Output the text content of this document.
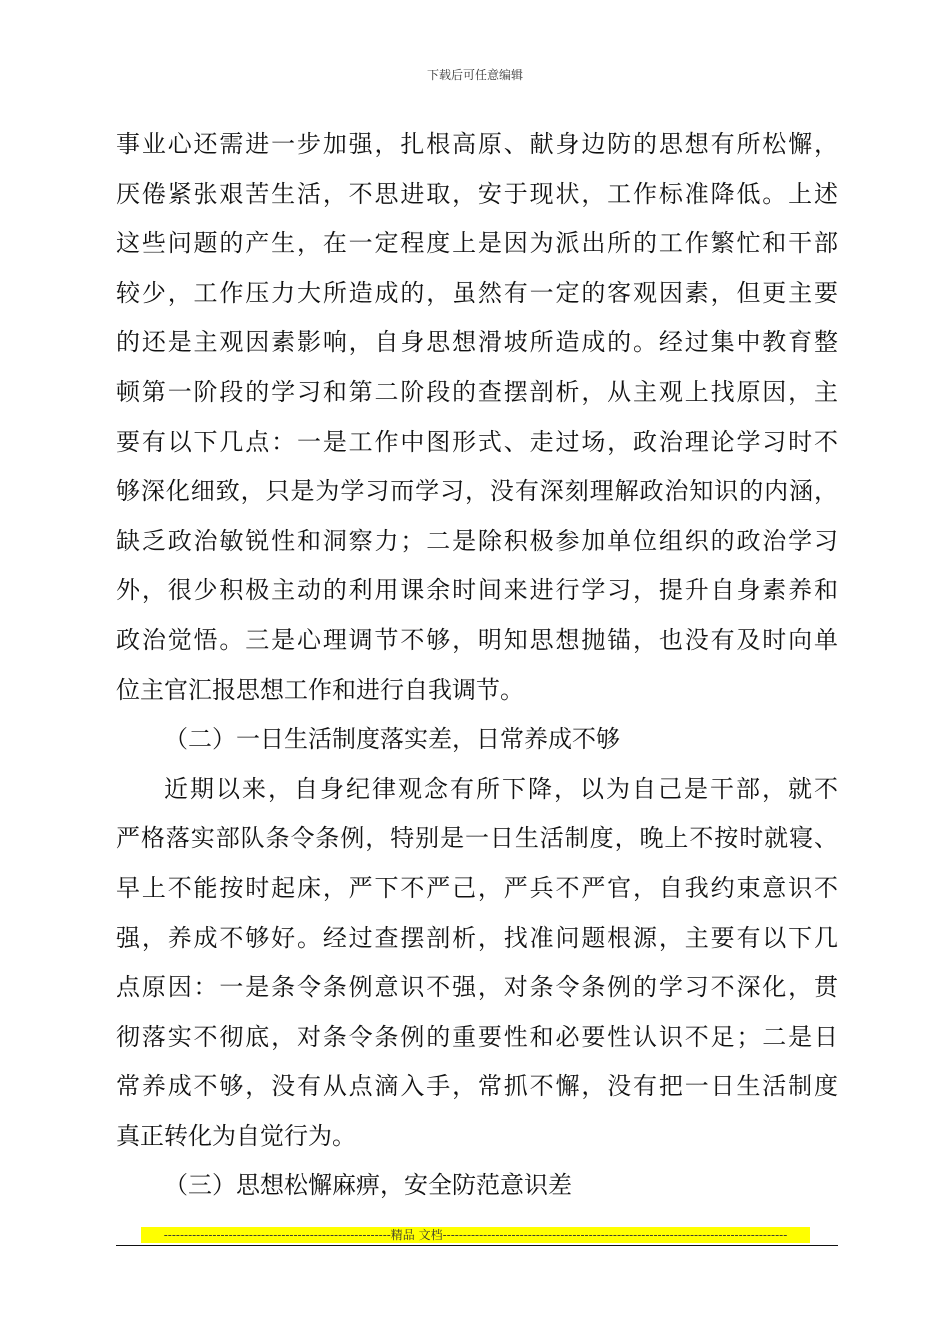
下载后可任意编辑
事业心还需进一步加强，扎根高原、献身边防的思想有所松懈，
厌倦紧张艰苦生活，不思进取，安于现状，工作标准降低。上述
这些问题的产生，在一定程度上是因为派出所的工作繁忙和干部
较少，工作压力大所造成的，虽然有一定的客观因素，但更主要
的还是主观因素影响，自身思想滑坡所造成的。经过集中教育整
顿第一阶段的学习和第二阶段的查摆剖析，从主观上找原因，主
要有以下几点：一是工作中图形式、走过场，政治理论学习时不
够深化细致，只是为学习而学习，没有深刻理解政治知识的内涵，
缺乏政治敏锐性和洞察力；二是除积极参加单位组织的政治学习
外，很少积极主动的利用课余时间来进行学习，提升自身素养和
政治觉悟。三是心理调节不够，明知思想抛锚，也没有及时向单
位主官汇报思想工作和进行自我调节。
（二）一日生活制度落实差，日常养成不够
近期以来，自身纪律观念有所下降，以为自己是干部，就不
严格落实部队条令条例，特别是一日生活制度，晚上不按时就寝、
早上不能按时起床，严下不严己，严兵不严官，自我约束意识不
强，养成不够好。经过查摆剖析，找准问题根源，主要有以下几
点原因：一是条令条例意识不强，对条令条例的学习不深化，贯
彻落实不彻底，对条令条例的重要性和必要性认识不足；二是日
常养成不够，没有从点滴入手，常抓不懈，没有把一日生活制度
真正转化为自觉行为。
（三）思想松懈麻痹，安全防范意识差
--------------------------------------------------------精品 文档-------------------------------------------------------------------------------------
